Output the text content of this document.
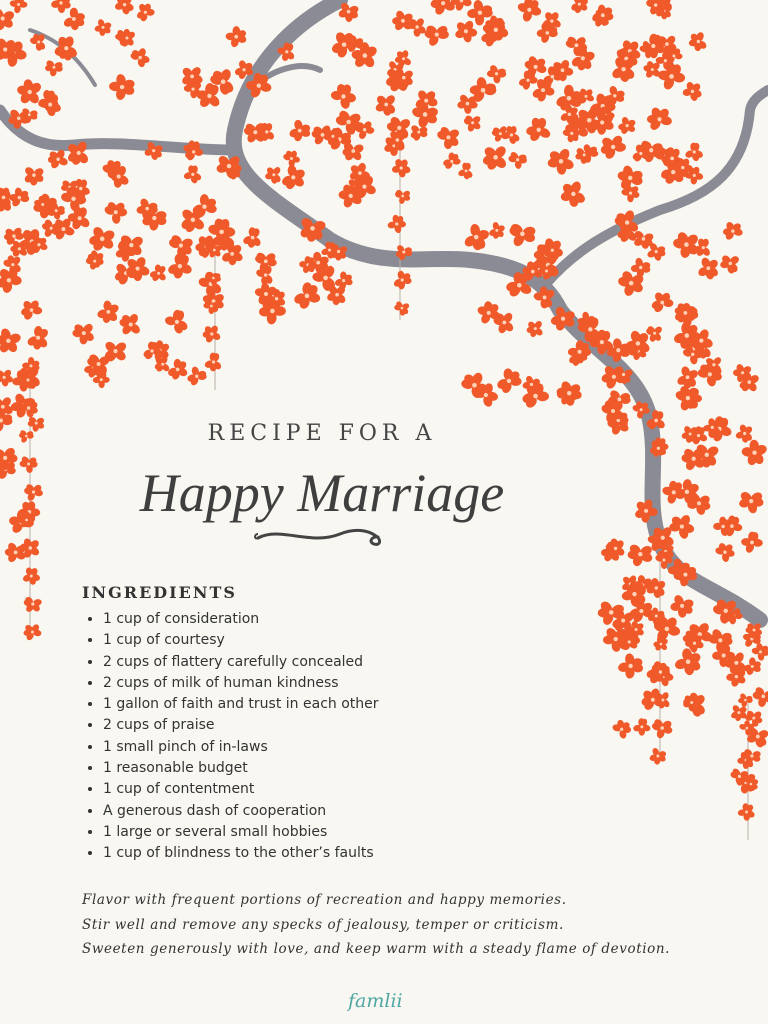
RECIPE FOR A
Happy Marriage
INGREDIENTS
• 1 cup of consideration
• 1 cup of courtesy
• 2 cups of flattery carefully concealed
• 2 cups of milk of human kindness
• 1 gallon of faith and trust in each other
• 2 cups of praise
• 1 small pinch of in-laws
• 1 reasonable budget
• 1 cup of contentment
• A generous dash of cooperation
• 1 large or several small hobbies
• 1 cup of blindness to the other’s faults
Flavor with frequent portions of recreation and happy memories.
Stir well and remove any specks of jealousy, temper or criticism.
Sweeten generously with love, and keep warm with a steady flame of devotion.
famlii
